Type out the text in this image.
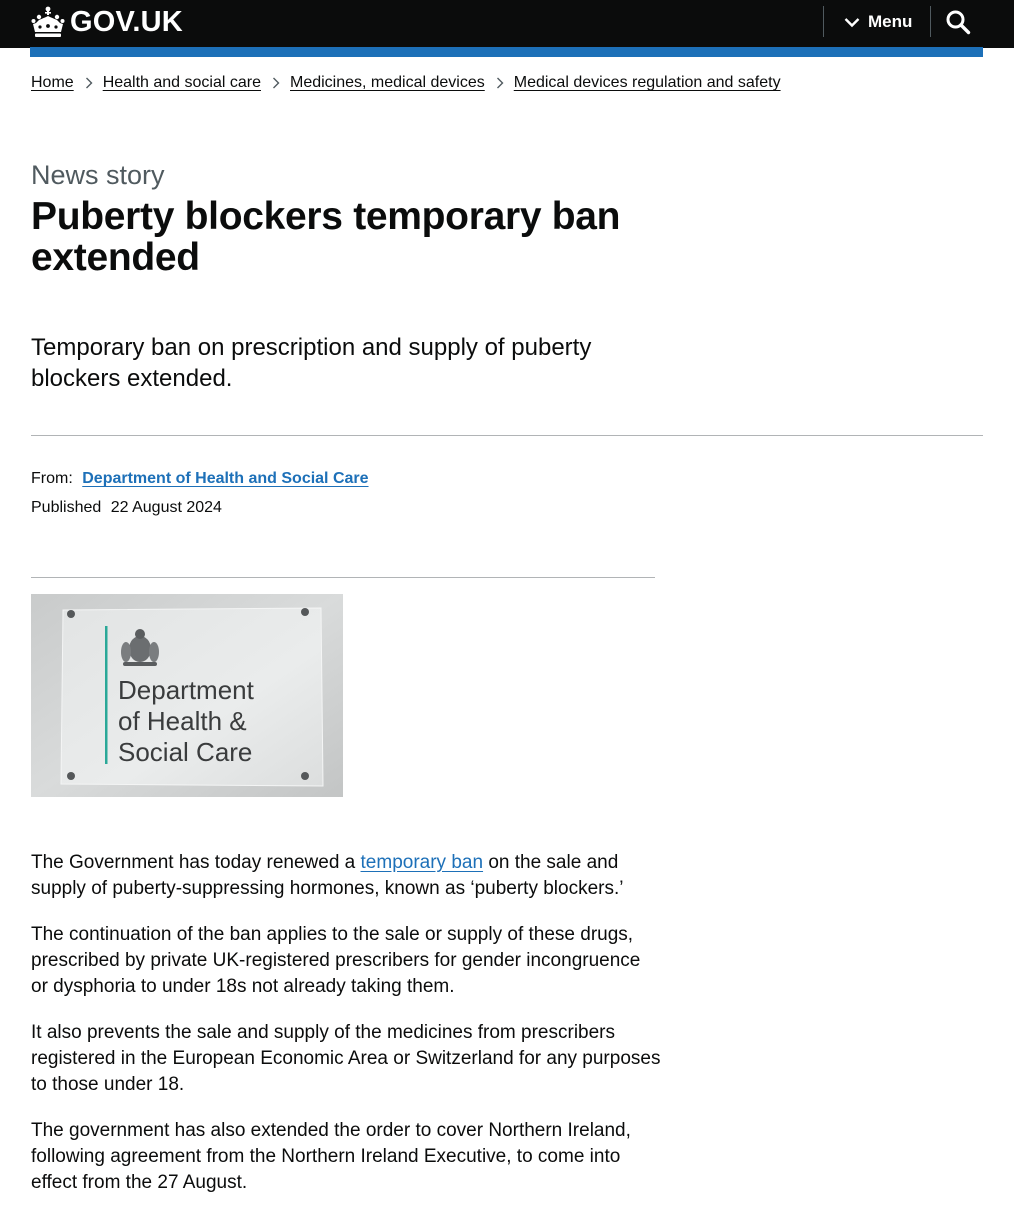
GOV.UK	Menu
Home Health and social care Medicines, medical devices Medical devices regulation and safety
News story
Puberty blockers temporary ban extended

Temporary ban on prescription and supply of puberty blockers extended.

From: Department of Health and Social Care
Published 22 August 2024
Department
of Health &
Social Care

The Government has today renewed a temporary ban on the sale and supply of puberty-suppressing hormones, known as ‘puberty blockers.’

The continuation of the ban applies to the sale or supply of these drugs, prescribed by private UK-registered prescribers for gender incongruence or dysphoria to under 18s not already taking them.

It also prevents the sale and supply of the medicines from prescribers registered in the European Economic Area or Switzerland for any purposes to those under 18.

The government has also extended the order to cover Northern Ireland, following agreement from the Northern Ireland Executive, to come into effect from the 27 August.
